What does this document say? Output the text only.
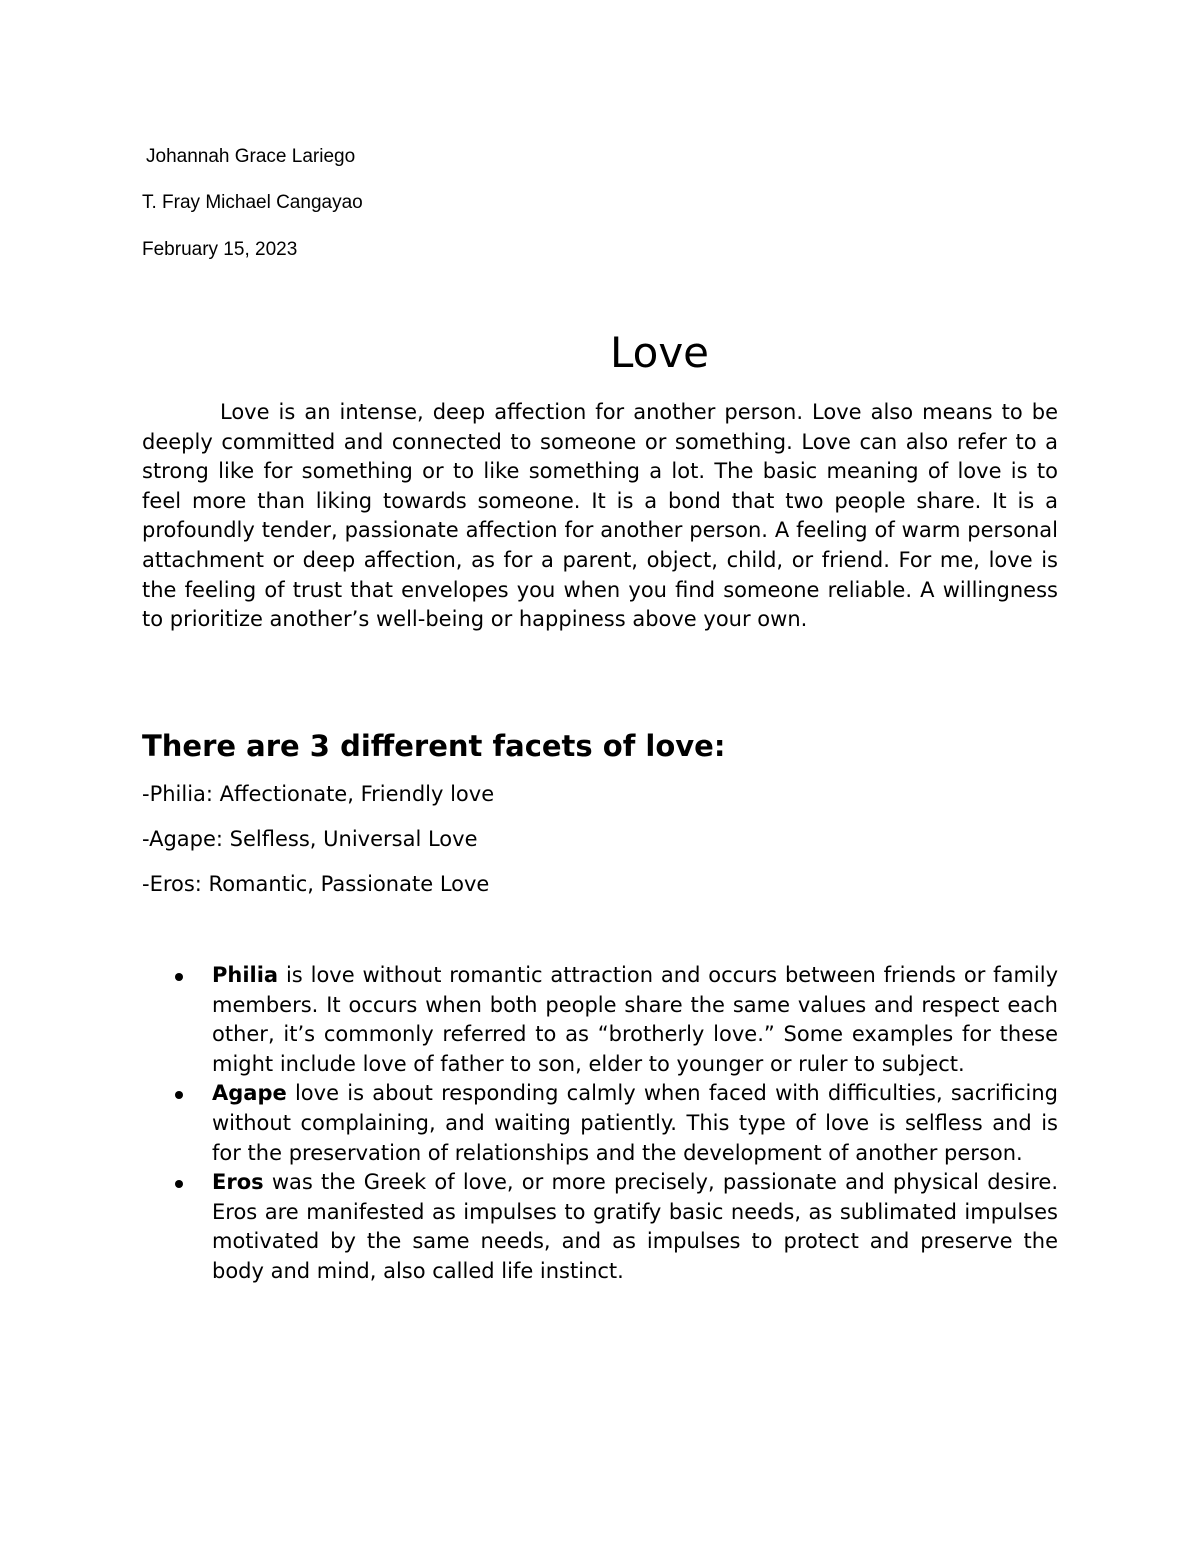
Johannah Grace Lariego
T. Fray Michael Cangayao
February 15, 2023
Love

Love is an intense, deep affection for another person. Love also means to be deeply committed and connected to someone or something. Love can also refer to a strong like for something or to like something a lot. The basic meaning of love is to feel more than liking towards someone. It is a bond that two people share. It is a profoundly tender, passionate affection for another person. A feeling of warm personal attachment or deep affection, as for a parent, object, child, or friend. For me, love is the feeling of trust that envelopes you when you find someone reliable. A willingness to prioritize another’s well-being or happiness above your own.

There are 3 different facets of love:

-Philia: Affectionate, Friendly love

-Agape: Selfless, Universal Love

-Eros: Romantic, Passionate Love

Philia is love without romantic attraction and occurs between friends or family members. It occurs when both people share the same values and respect each other, it’s commonly referred to as “brotherly love.” Some examples for these might include love of father to son, elder to younger or ruler to subject.
Agape love is about responding calmly when faced with difficulties, sacrificing without complaining, and waiting patiently. This type of love is selfless and is for the preservation of relationships and the development of another person.
Eros was the Greek of love, or more precisely, passionate and physical desire. Eros are manifested as impulses to gratify basic needs, as sublimated impulses motivated by the same needs, and as impulses to protect and preserve the body and mind, also called life instinct.
